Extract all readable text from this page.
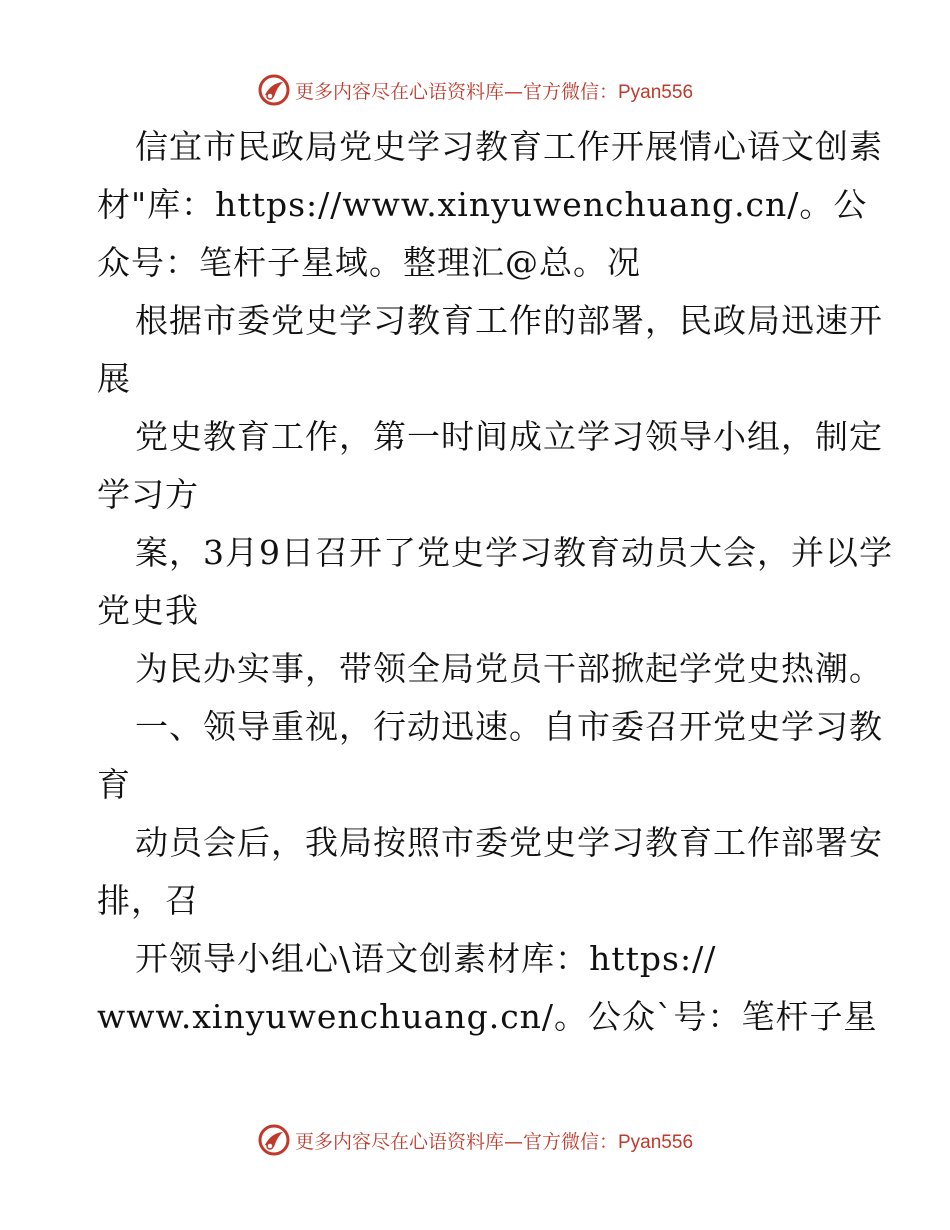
更多内容尽在心语资料库—官方微信：Pyan556

信宜市民政局党史学习教育工作开展情心语文创素材"库：https://www.xinyuwenchuang.cn/。公众号：笔杆子星域。整理汇@总。况

根据市委党史学习教育工作的部署，民政局迅速开展

党史教育工作，第一时间成立学习领导小组，制定学习方

案，3月9日召开了党史学习教育动员大会，并以学党史我

为民办实事，带领全局党员干部掀起学党史热潮。

一、领导重视，行动迅速。自市委召开党史学习教育

动员会后，我局按照市委党史学习教育工作部署安排，召

开领导小组心\语文创素材库：https://

www.xinyuwenchuang.cn/。公众`号：笔杆子星

更多内容尽在心语资料库—官方微信：Pyan556
